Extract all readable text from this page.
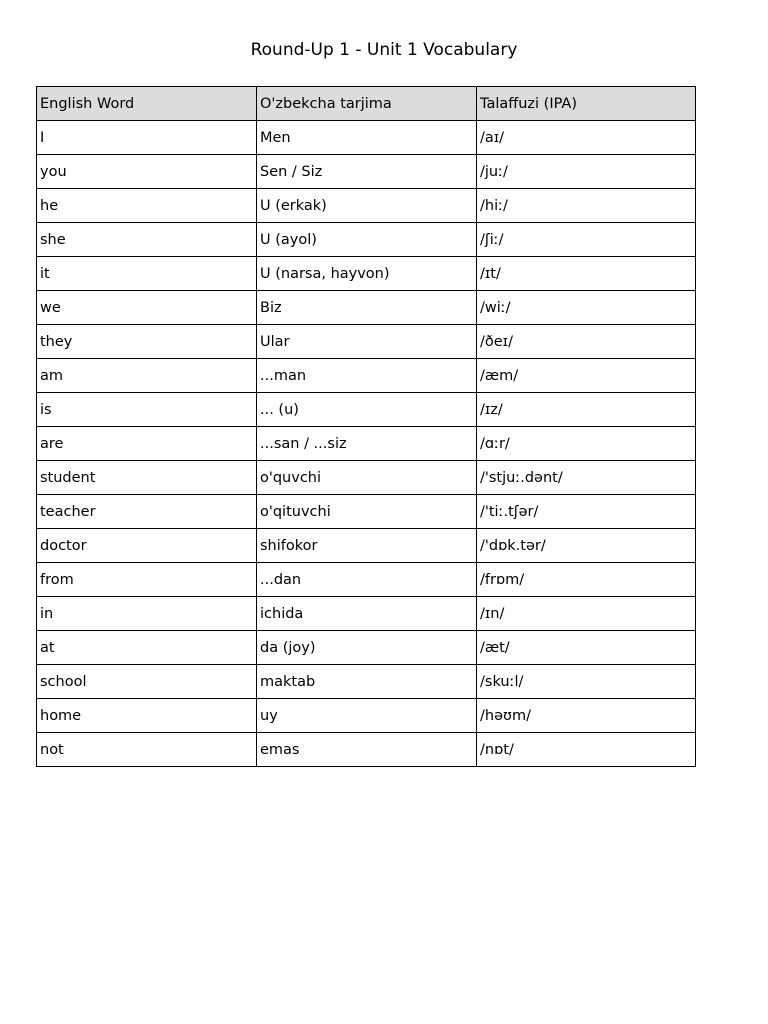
Round-Up 1 - Unit 1 Vocabulary
English Word	O'zbekcha tarjima	Talaffuzi (IPA)
I	Men	/aɪ/
you	Sen / Siz	/juː/
he	U (erkak)	/hiː/
she	U (ayol)	/ʃiː/
it	U (narsa, hayvon)	/ɪt/
we	Biz	/wiː/
they	Ular	/ðeɪ/
am	...man	/æm/
is	... (u)	/ɪz/
are	...san / ...siz	/ɑːr/
student	o'quvchi	/'stjuː.dənt/
teacher	o'qituvchi	/'tiː.tʃər/
doctor	shifokor	/'dɒk.tər/
from	...dan	/frɒm/
in	ichida	/ɪn/
at	da (joy)	/æt/
school	maktab	/skuːl/
home	uy	/həʊm/
not	emas	/nɒt/
